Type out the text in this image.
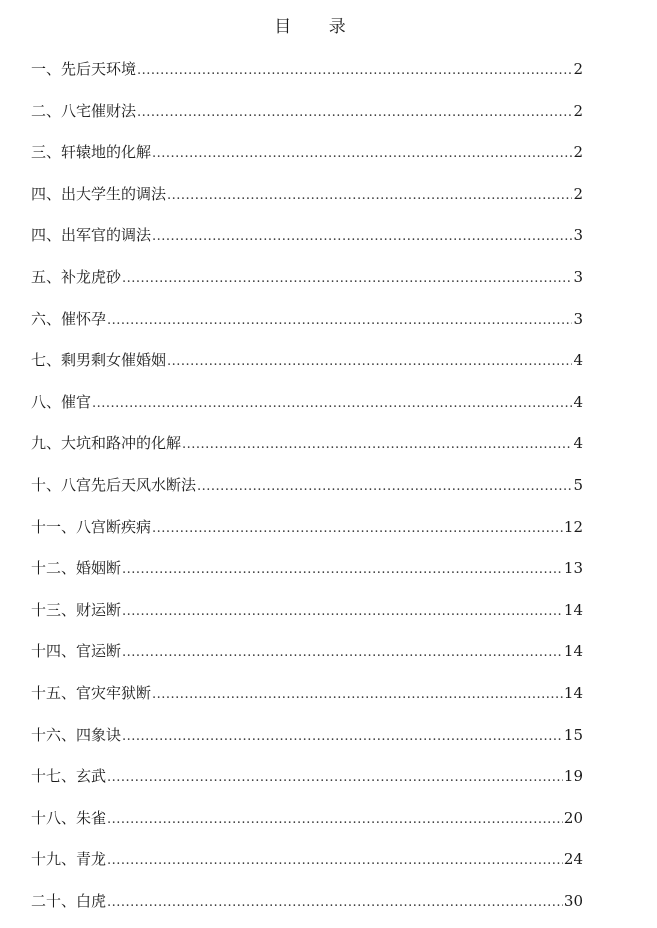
目 录
一、先后天环境 .....	2
二、八宅催财法 .....	2
三、轩辕地的化解 .....	2
四、出大学生的调法 .....	2
四、出军官的调法 .....	3
五、补龙虎砂 .....	3
六、催怀孕 .....	3
七、剩男剩女催婚姻 .....	4
八、催官 .....	4
九、大坑和路冲的化解 .....	4
十、八宫先后天风水断法 .....	5
十一、八宫断疾病 .....	12
十二、婚姻断 .....	13
十三、财运断 .....	14
十四、官运断 .....	14
十五、官灾牢狱断 .....	14
十六、四象诀 .....	15
十七、玄武 .....	19
十八、朱雀 .....	20
十九、青龙 .....	24
二十、白虎 .....	30
